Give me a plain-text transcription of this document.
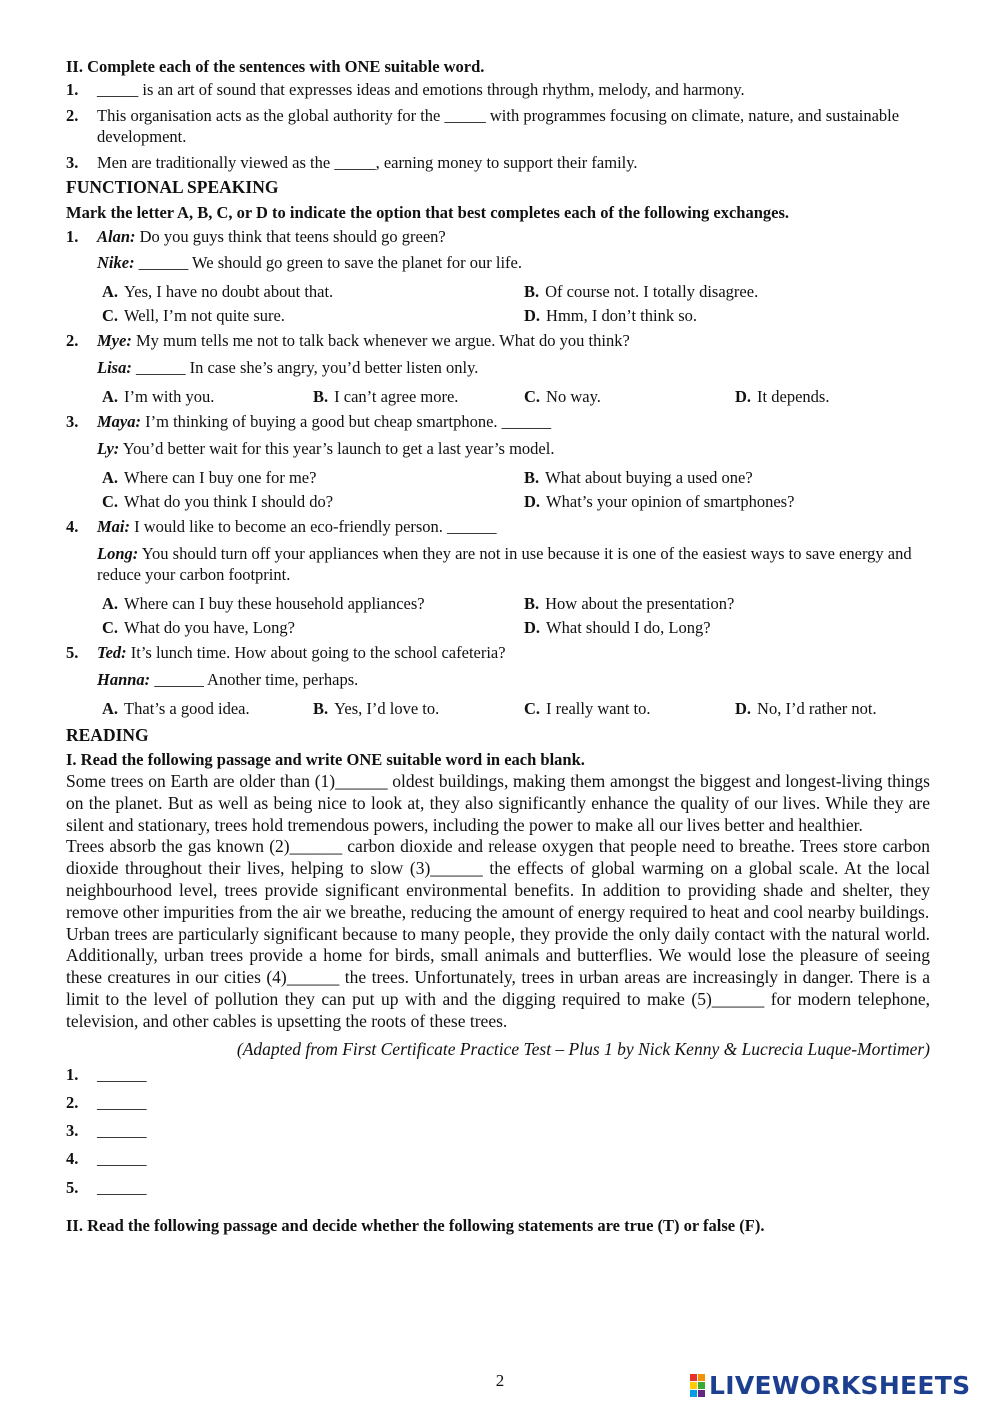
II. Complete each of the sentences with ONE suitable word.

1.	_____ is an art of sound that expresses ideas and emotions through rhythm, melody, and harmony.
2.	This organisation acts as the global authority for the _____ with programmes focusing on climate, nature, and sustainable development.
3.	Men are traditionally viewed as the _____, earning money to support their family.

FUNCTIONAL SPEAKING

Mark the letter A, B, C, or D to indicate the option that best completes each of the following exchanges.

1.	Alan: Do you guys think that teens should go green?
Nike: ______ We should go green to save the planet for our life.
A. Yes, I have no doubt about that.	B. Of course not. I totally disagree.
C. Well, I’m not quite sure.	D. Hmm, I don’t think so.
2.	Mye: My mum tells me not to talk back whenever we argue. What do you think?
Lisa: ______ In case she’s angry, you’d better listen only.
A. I’m with you.	B. I can’t agree more.	C. No way.	D. It depends.
3.	Maya: I’m thinking of buying a good but cheap smartphone. ______
Ly: You’d better wait for this year’s launch to get a last year’s model.
A. Where can I buy one for me?	B. What about buying a used one?
C. What do you think I should do?	D. What’s your opinion of smartphones?
4.	Mai: I would like to become an eco-friendly person. ______
Long: You should turn off your appliances when they are not in use because it is one of the easiest ways to save energy and reduce your carbon footprint.
A. Where can I buy these household appliances?	B. How about the presentation?
C. What do you have, Long?	D. What should I do, Long?
5.	Ted: It’s lunch time. How about going to the school cafeteria?
Hanna: ______ Another time, perhaps.
A. That’s a good idea.	B. Yes, I’d love to.	C. I really want to.	D. No, I’d rather not.

READING

I. Read the following passage and write ONE suitable word in each blank.

Some trees on Earth are older than (1)______ oldest buildings, making them amongst the biggest and longest-living things on the planet. But as well as being nice to look at, they also significantly enhance the quality of our lives. While they are silent and stationary, trees hold tremendous powers, including the power to make all our lives better and healthier.

Trees absorb the gas known (2)______ carbon dioxide and release oxygen that people need to breathe. Trees store carbon dioxide throughout their lives, helping to slow (3)______ the effects of global warming on a global scale. At the local neighbourhood level, trees provide significant environmental benefits. In addition to providing shade and shelter, they remove other impurities from the air we breathe, reducing the amount of energy required to heat and cool nearby buildings.

Urban trees are particularly significant because to many people, they provide the only daily contact with the natural world. Additionally, urban trees provide a home for birds, small animals and butterflies. We would lose the pleasure of seeing these creatures in our cities (4)______ the trees. Unfortunately, trees in urban areas are increasingly in danger. There is a limit to the level of pollution they can put up with and the digging required to make (5)______ for modern telephone, television, and other cables is upsetting the roots of these trees.

(Adapted from First Certificate Practice Test – Plus 1 by Nick Kenny & Lucrecia Luque-Mortimer)
1. ______
2. ______
3. ______
4. ______
5. ______

II. Read the following passage and decide whether the following statements are true (T) or false (F).

2	LIVEWORKSHEETS
